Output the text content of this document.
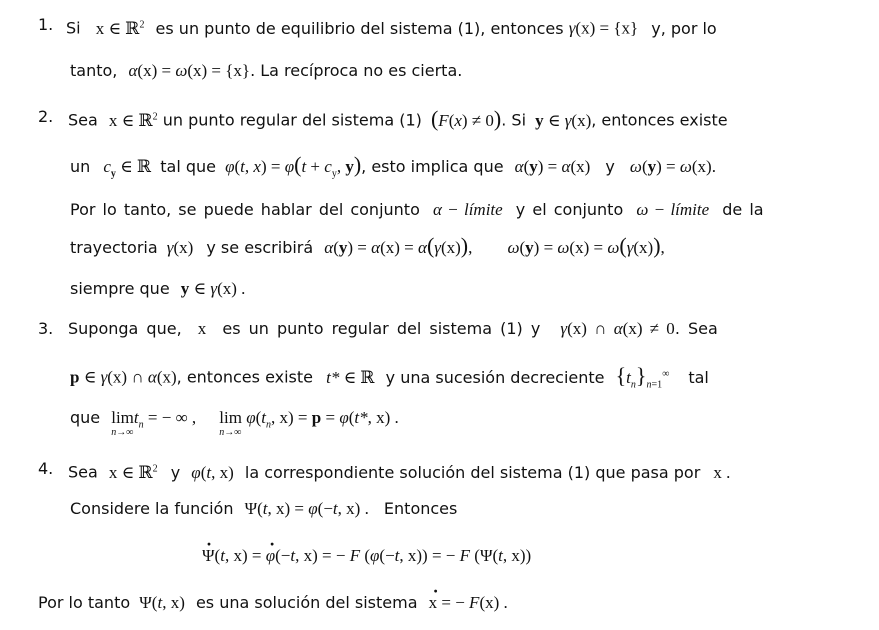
1. Si x ∈ ℝ$^2$ es un punto de equilibrio del sistema (1), entonces γ(x) = {x} y, por lo
tanto, α(x) = ω(x) = {x}. La recíproca no es cierta.
2. Sea x ∈ ℝ$^2$ un punto regular del sistema (1) (F(x) ≠ 0). Si y ∈ γ(x), entonces existe
un $c_y$ ∈ ℝ tal que φ(t, $x) = \varphi(t + c_y$, y), esto implica que α(y) = α(x) y ω(y) = ω(x).
Por lo tanto, se puede hablar del conjunto α − límite y el conjunto ω − límite de la
trayectoria γ(x) y se escribirá α(y) = α(x) = α(γ(x)), ω(y) = ω(x) = ω(γ(x)),
siempre que y ∈ γ(x) .
3. Suponga que, x es un punto regular del sistema (1) y γ(x) ∩ α(x) ≠ 0. Sea
p ∈ γ(x) ∩ α(x), entonces existe t* ∈ ℝ y una sucesión decreciente $\{t_n\}_{n=1}^\infty$ tal
que limt$_n$ = − ∞ ,
n→∞
$\lim \varphi(t_n$, x) = p = φ(t*, x) .
n→∞
4. Sea x ∈ ℝ$^2$ y φ(t, x) la correspondiente solución del sistema (1) que pasa por x .
Considere la función Ψ(t, x) = φ(−t, x) . Entonces
· Ψ(t, x) = · φ(−t, x) = − F (φ(−t, x)) = − F (Ψ(t, x))
Por lo tanto Ψ(t, x) es una solución del sistema · x = − F(x) .
